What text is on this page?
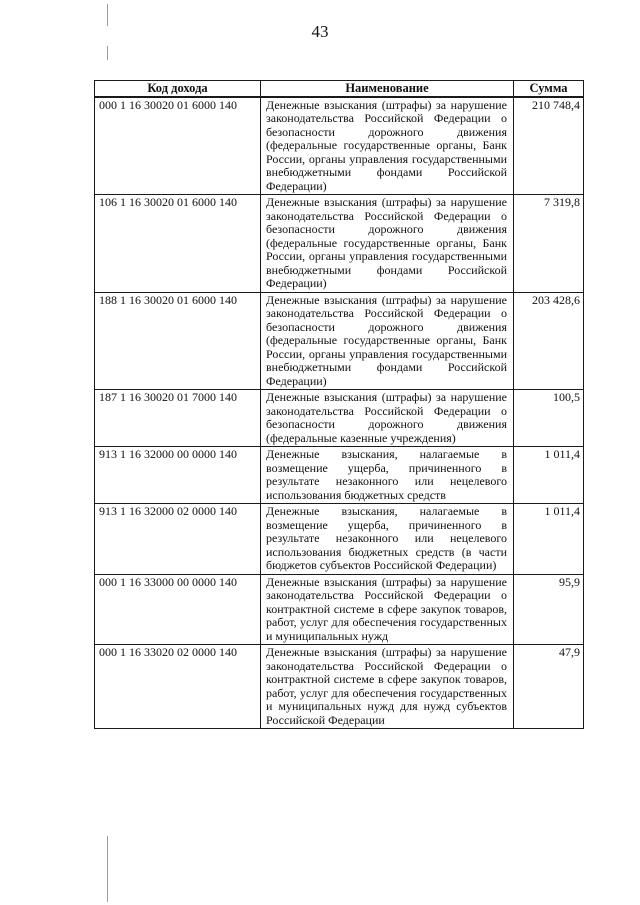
43
Код дохода	Наименование	Сумма
000 1 16 30020 01 6000 140	Денежные взыскания (штрафы) за нарушение законодательства Российской Федерации о безопасности дорожного движения (федеральные государственные органы, Банк России, органы управления государственными внебюджетными фондами Российской Федерации)	210 748,4
106 1 16 30020 01 6000 140	Денежные взыскания (штрафы) за нарушение законодательства Российской Федерации о безопасности дорожного движения (федеральные государственные органы, Банк России, органы управления государственными внебюджетными фондами Российской Федерации)	7 319,8
188 1 16 30020 01 6000 140	Денежные взыскания (штрафы) за нарушение законодательства Российской Федерации о безопасности дорожного движения (федеральные государственные органы, Банк России, органы управления государственными внебюджетными фондами Российской Федерации)	203 428,6
187 1 16 30020 01 7000 140	Денежные взыскания (штрафы) за нарушение законодательства Российской Федерации о безопасности дорожного движения (федеральные казенные учреждения)	100,5
913 1 16 32000 00 0000 140	Денежные взыскания, налагаемые в возмещение ущерба, причиненного в результате незаконного или нецелевого использования бюджетных средств	1 011,4
913 1 16 32000 02 0000 140	Денежные взыскания, налагаемые в возмещение ущерба, причиненного в результате незаконного или нецелевого использования бюджетных средств (в части бюджетов субъектов Российской Федерации)	1 011,4
000 1 16 33000 00 0000 140	Денежные взыскания (штрафы) за нарушение законодательства Российской Федерации о контрактной системе в сфере закупок товаров, работ, услуг для обеспечения государственных и муниципальных нужд	95,9
000 1 16 33020 02 0000 140	Денежные взыскания (штрафы) за нарушение законодательства Российской Федерации о контрактной системе в сфере закупок товаров, работ, услуг для обеспечения государственных и муниципальных нужд для нужд субъектов Российской Федерации	47,9
